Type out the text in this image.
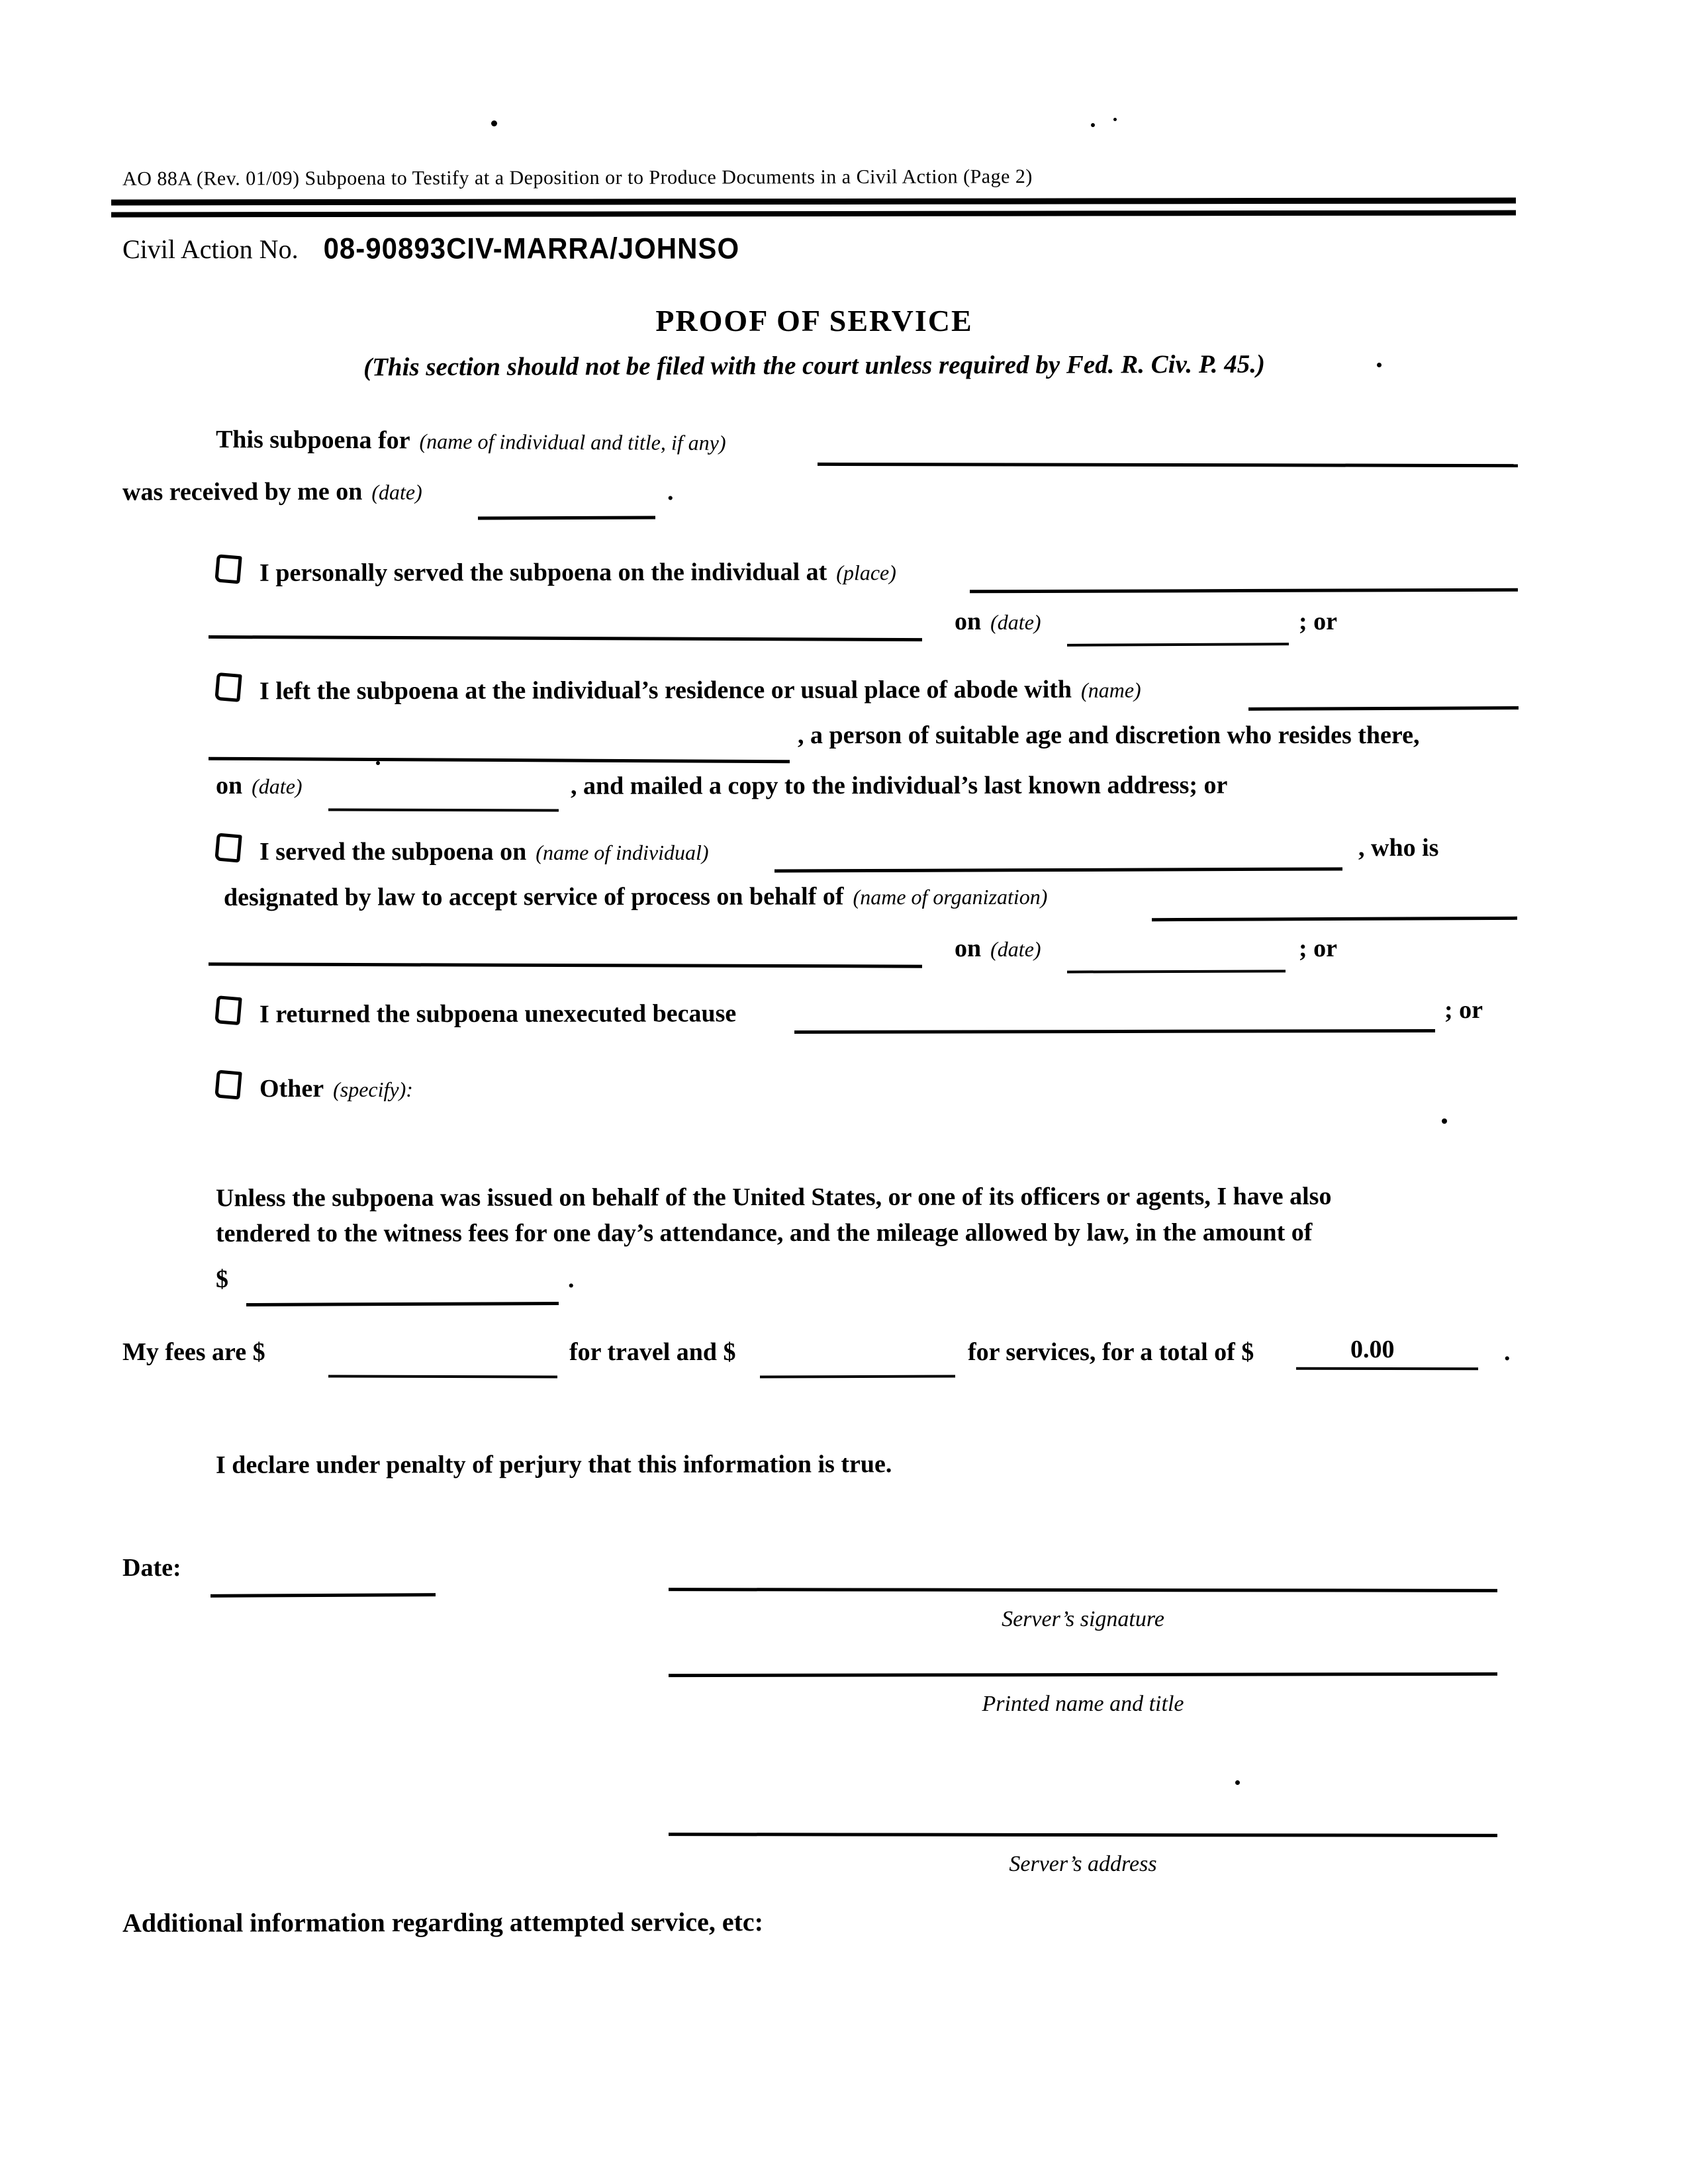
AO 88A (Rev. 01/09) Subpoena to Testify at a Deposition or to Produce Documents in a Civil Action (Page 2)
Civil Action No. 08-90893CIV-MARRA/JOHNSO
PROOF OF SERVICE
(This section should not be filed with the court unless required by Fed. R. Civ. P. 45.)
This subpoena for (name of individual and title, if any)
was received by me on (date)	.
I personally served the subpoena on the individual at (place)
on (date)	; or
I left the subpoena at the individual’s residence or usual place of abode with (name)
, a person of suitable age and discretion who resides there,
on (date)	, and mailed a copy to the individual’s last known address; or
I served the subpoena on (name of individual)	, who is
designated by law to accept service of process on behalf of (name of organization)
on (date)	; or
I returned the subpoena unexecuted because	; or
Other (specify):
Unless the subpoena was issued on behalf of the United States, or one of its officers or agents, I have also
tendered to the witness fees for one day’s attendance, and the mileage allowed by law, in the amount of
$	.
My fees are $	for travel and $	for services, for a total of $	0.00	.
I declare under penalty of perjury that this information is true.
Date:
Server’s signature
Printed name and title
Server’s address
Additional information regarding attempted service, etc:
